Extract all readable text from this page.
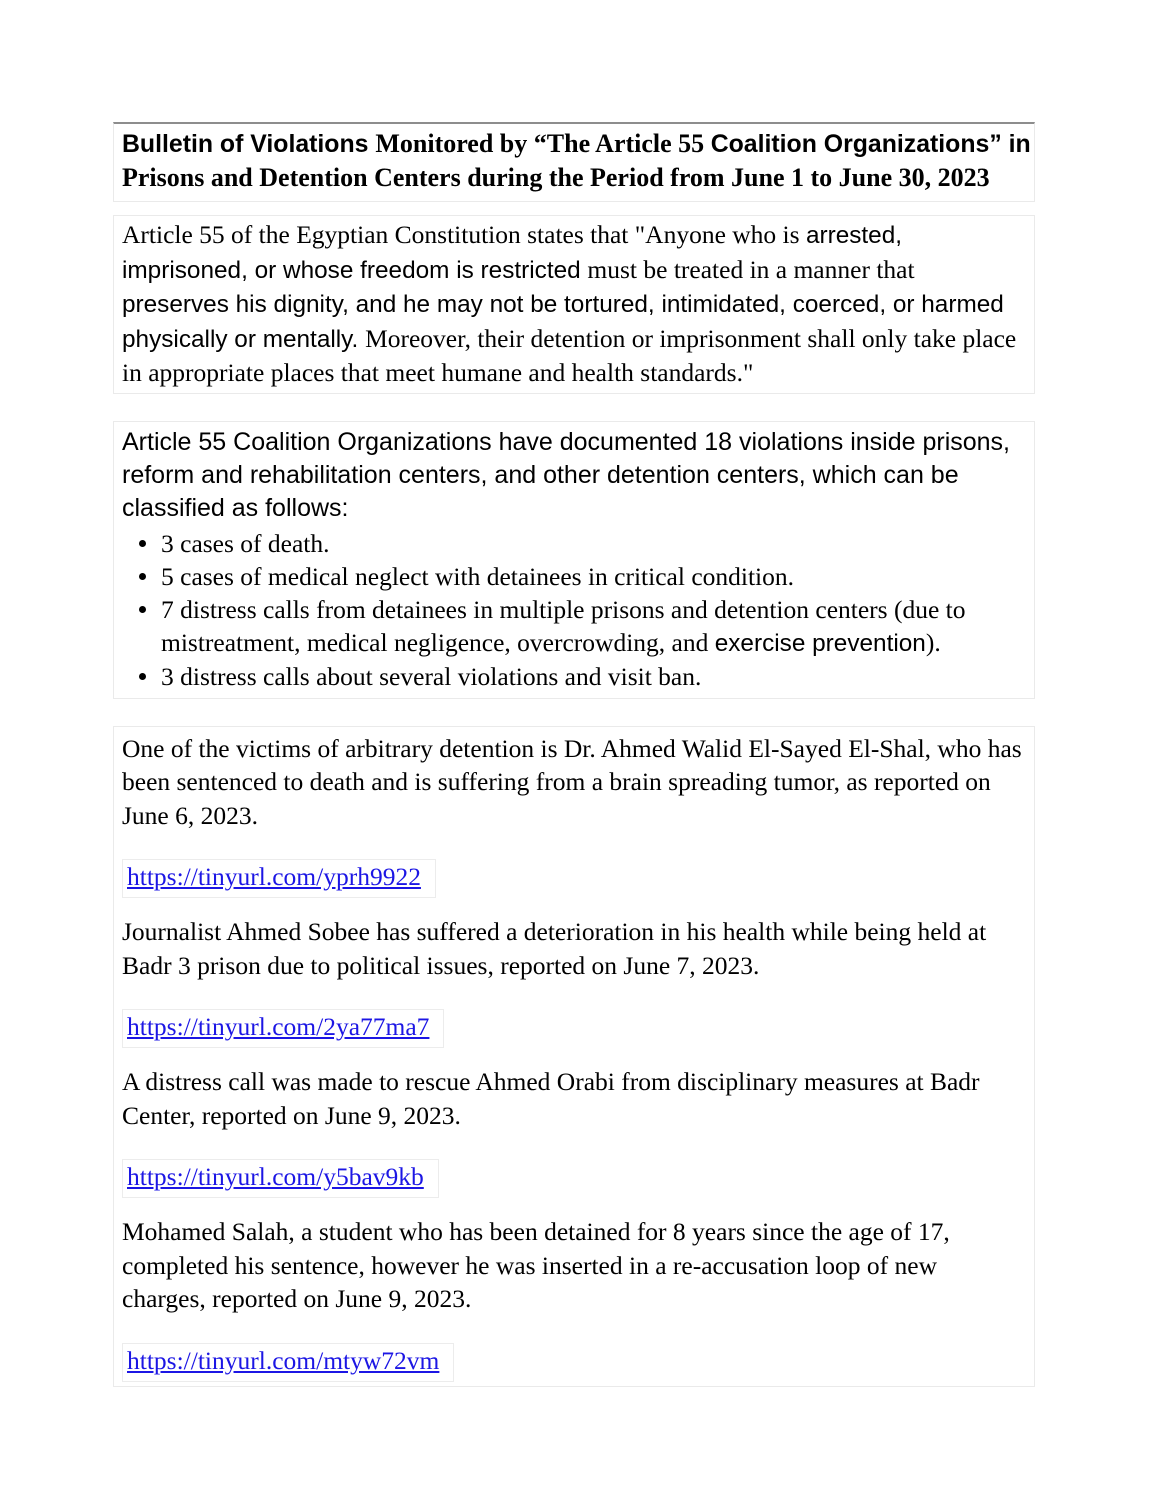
Bulletin of Violations Monitored by “The Article 55 Coalition Organizations” in
Prisons and Detention Centers during the Period from June 1 to June 30, 2023

Article 55 of the Egyptian Constitution states that "Anyone who is arrested, imprisoned, or whose freedom is restricted must be treated in a manner that preserves his dignity, and he may not be tortured, intimidated, coerced, or harmed physically or mentally. Moreover, their detention or imprisonment shall only take place in appropriate places that meet humane and health standards."

Article 55 Coalition Organizations have documented 18 violations inside prisons, reform and rehabilitation centers, and other detention centers, which can be classified as follows:

3 cases of death.
5 cases of medical neglect with detainees in critical condition.
7 distress calls from detainees in multiple prisons and detention centers (due to mistreatment, medical negligence, overcrowding, and exercise prevention).
3 distress calls about several violations and visit ban.

One of the victims of arbitrary detention is Dr. Ahmed Walid El-Sayed El-Shal, who has been sentenced to death and is suffering from a brain spreading tumor, as reported on June 6, 2023.

https://tinyurl.com/yprh9922

Journalist Ahmed Sobee has suffered a deterioration in his health while being held at Badr 3 prison due to political issues, reported on June 7, 2023.

https://tinyurl.com/2ya77ma7

A distress call was made to rescue Ahmed Orabi from disciplinary measures at Badr Center, reported on June 9, 2023.

https://tinyurl.com/y5bav9kb

Mohamed Salah, a student who has been detained for 8 years since the age of 17, completed his sentence, however he was inserted in a re-accusation loop of new charges, reported on June 9, 2023.

https://tinyurl.com/mtyw72vm
